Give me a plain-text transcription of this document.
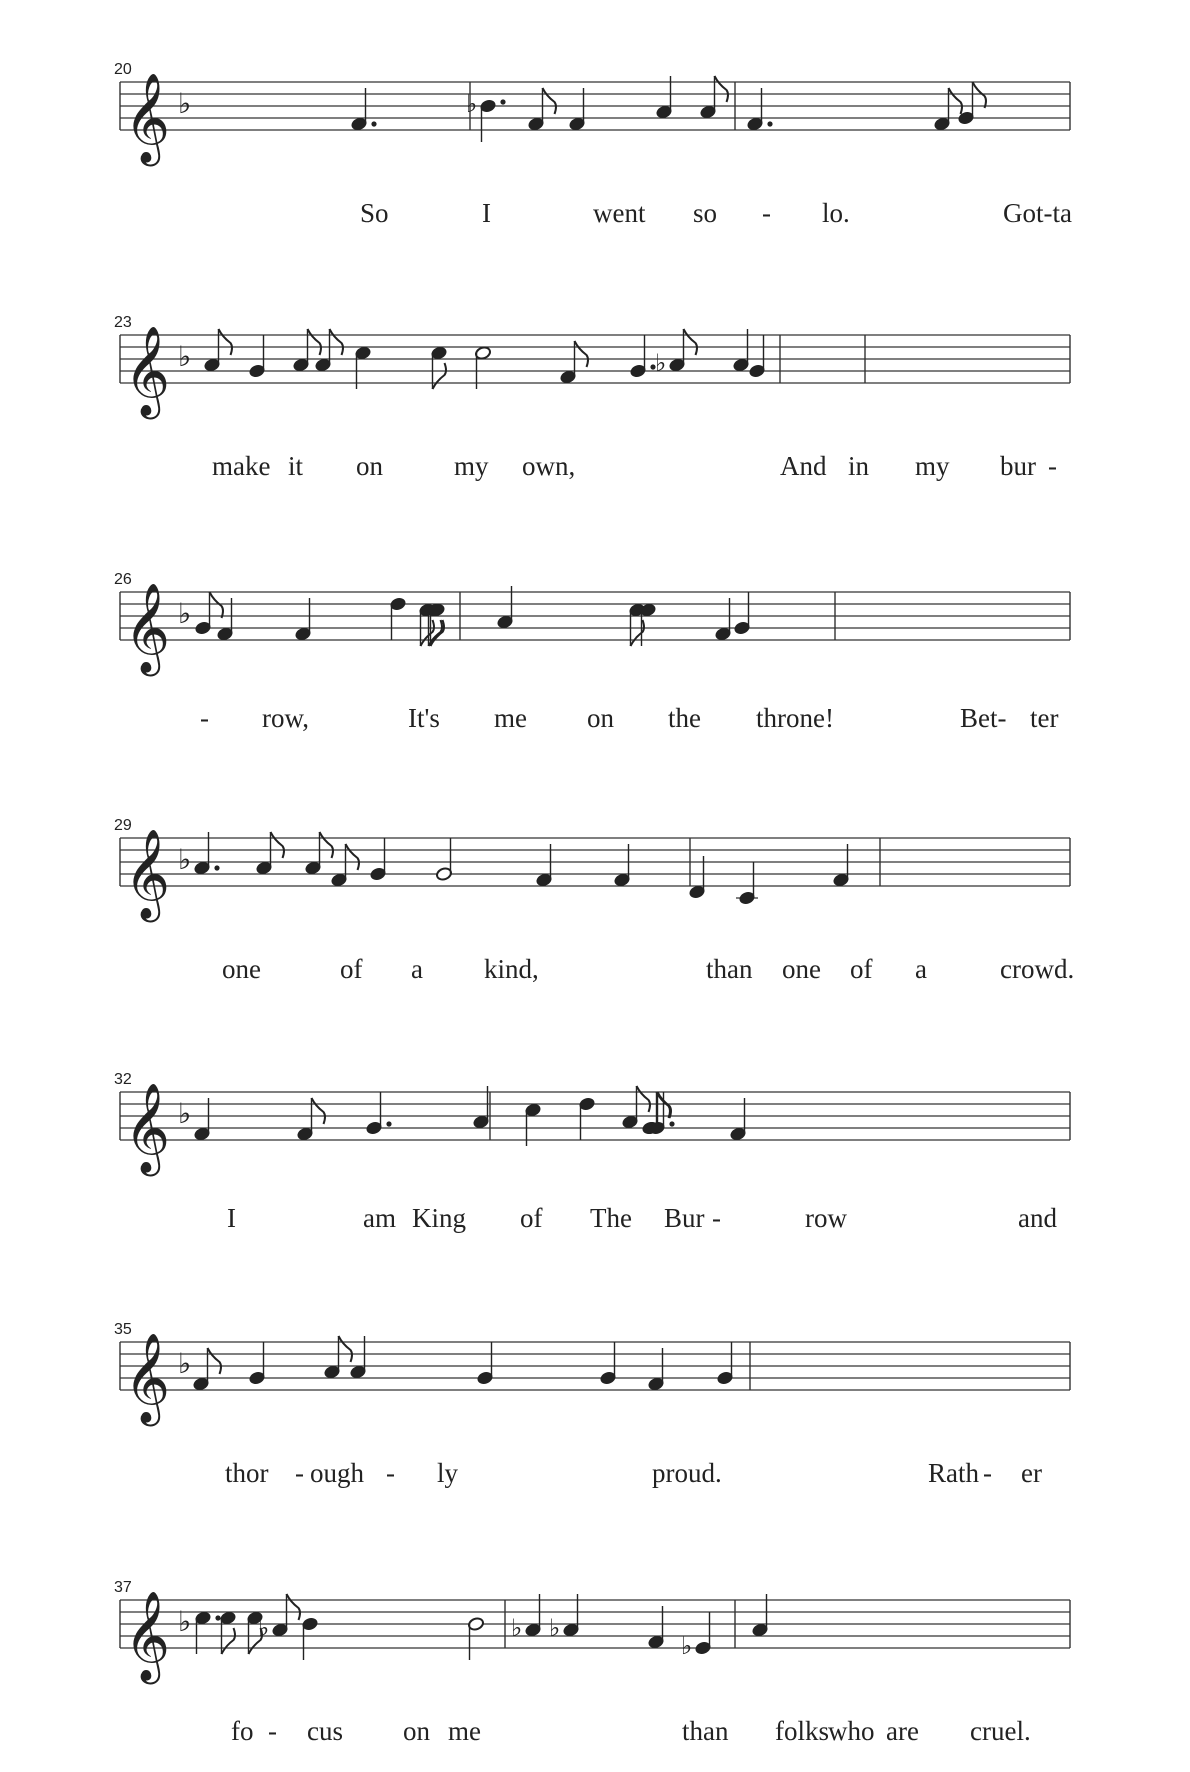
𝄞 ♭
20
♭
So	I	went so - lo.	Got-ta
𝄞 ♭
23
♭
make it on	my own,	And in my bur -
𝄞 ♭
26
- row,	It's me on the throne!	Bet- ter
𝄞 ♭
29
one	of a kind,	than one of a	crowd.
𝄞 ♭
32
I	am King of The Bur -	row	and
𝄞 ♭
35
thor - ough - ly	proud.	Rath - er
𝄞 ♭
37
♭	♭ ♭
♭
fo - cus on me	than folks who are cruel.
